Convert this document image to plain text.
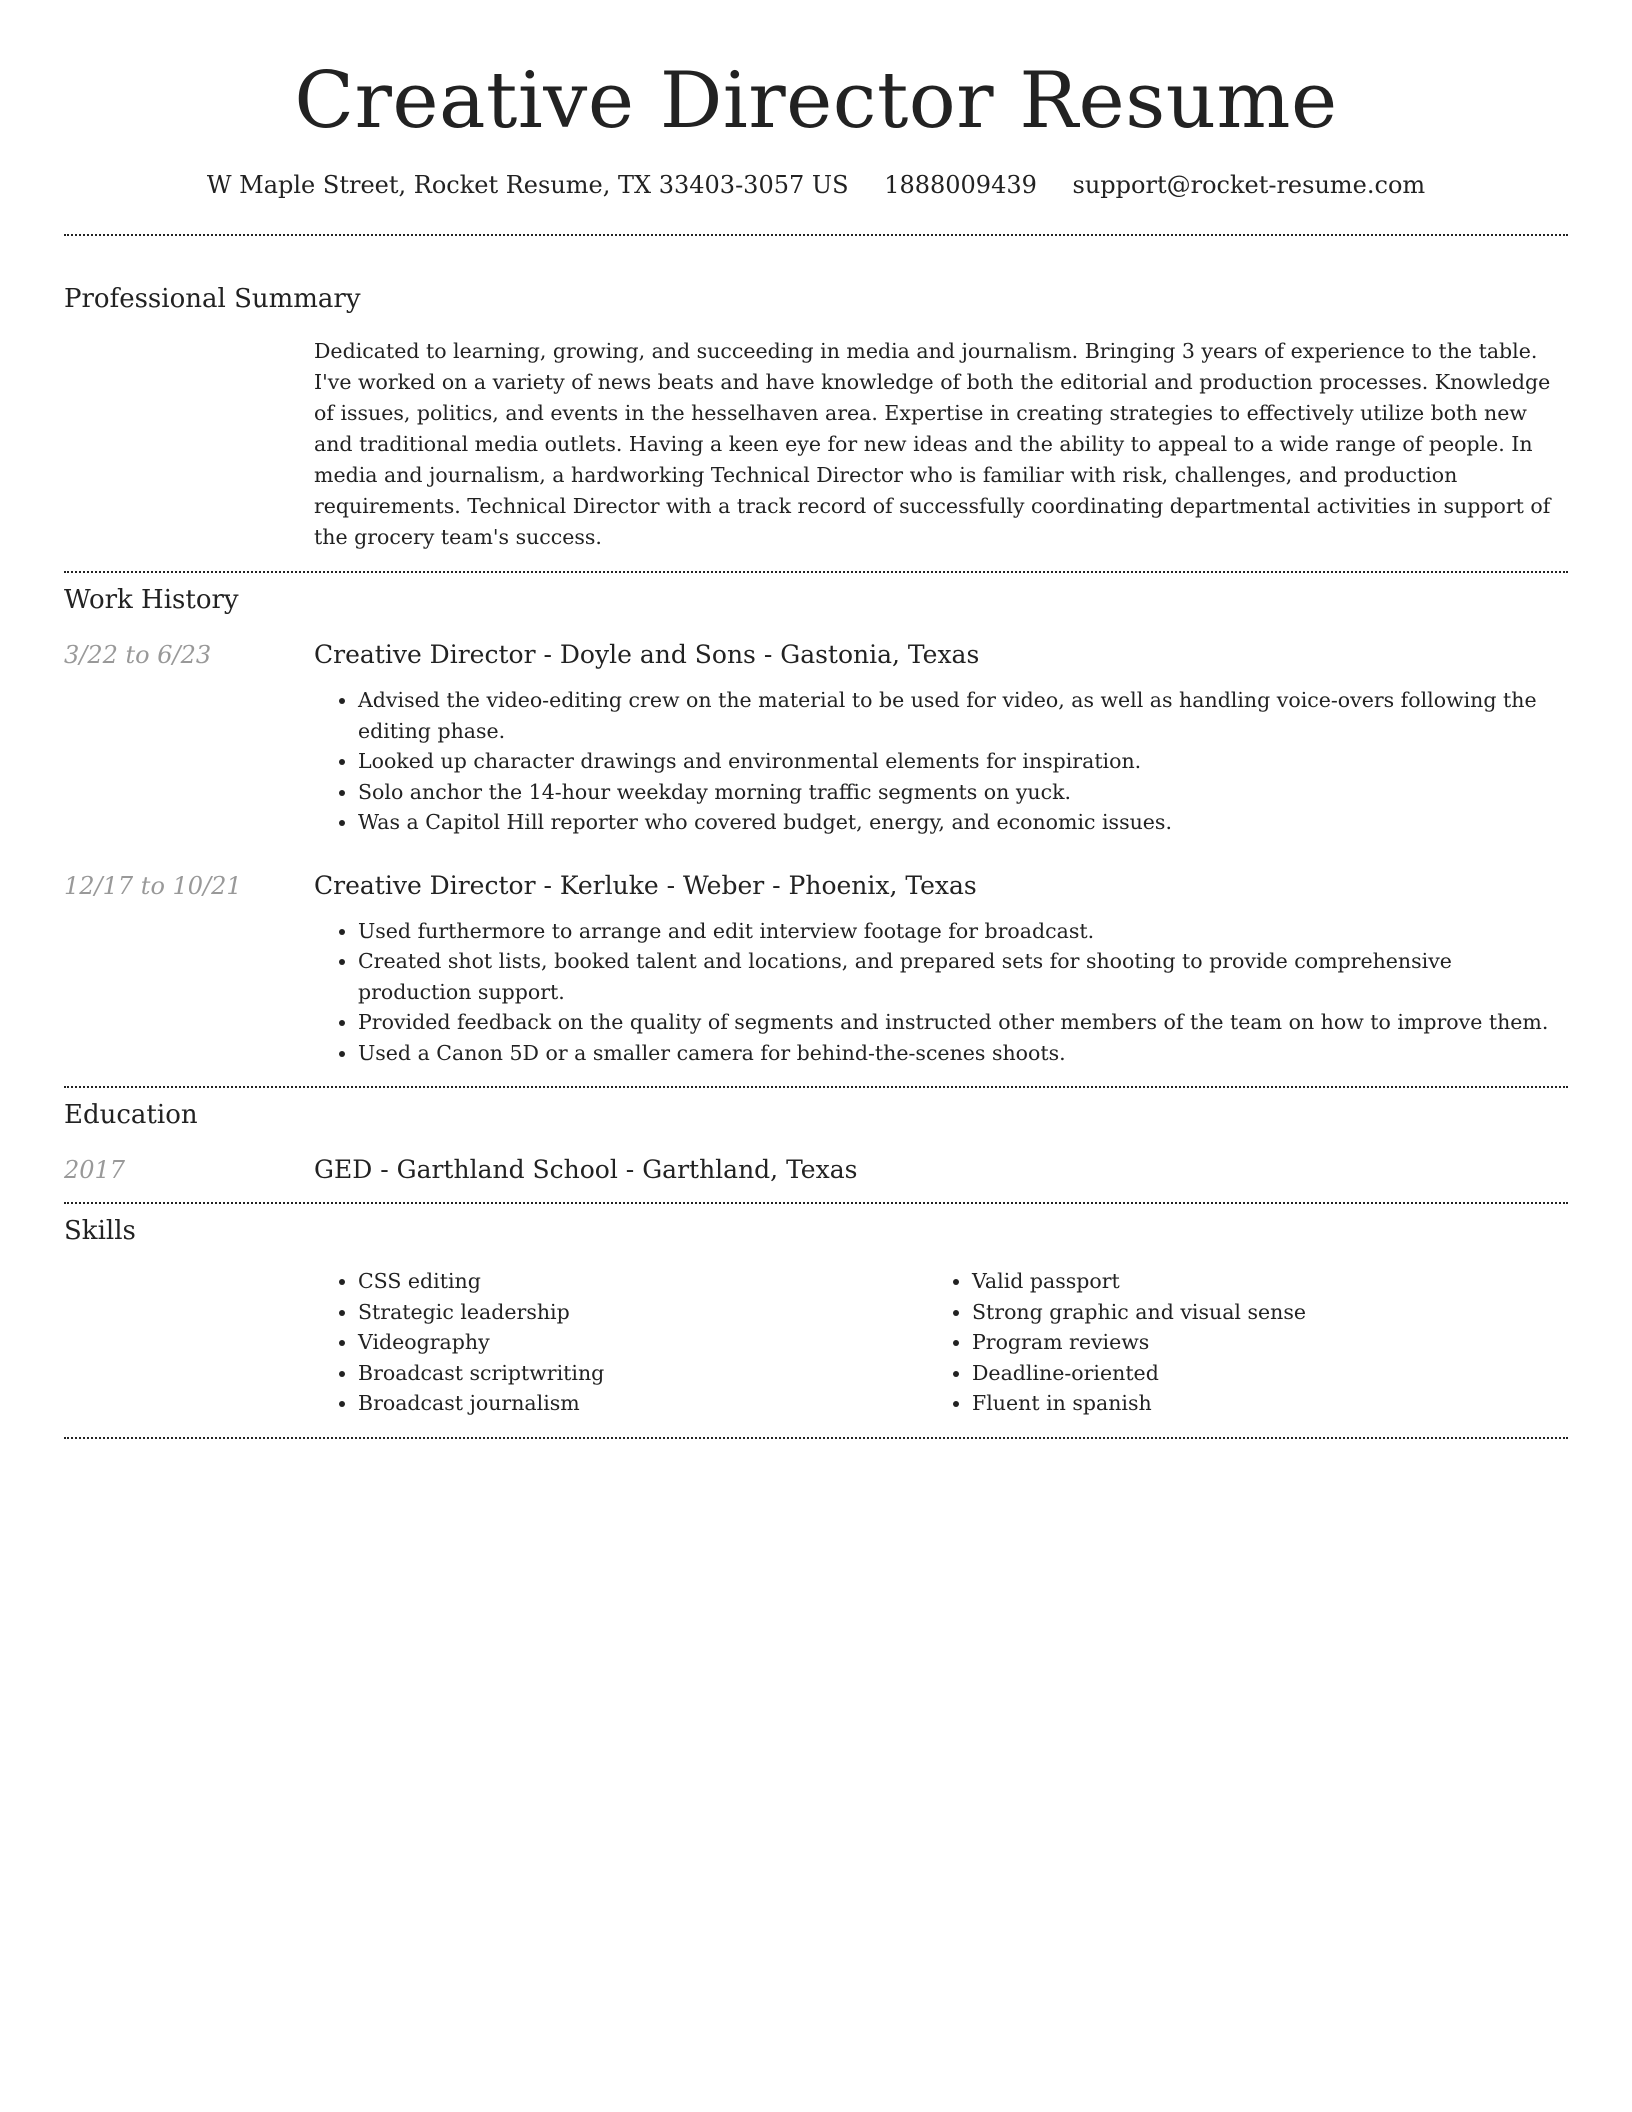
Creative Director Resume
W Maple Street, Rocket Resume, TX 33403-3057 US 1888009439 support@rocket-resume.com
Professional Summary

Dedicated to learning, growing, and succeeding in media and journalism. Bringing 3 years of experience to the table. I've worked on a variety of news beats and have knowledge of both the editorial and production processes. Knowledge of issues, politics, and events in the hesselhaven area. Expertise in creating strategies to effectively utilize both new and traditional media outlets. Having a keen eye for new ideas and the ability to appeal to a wide range of people. In media and journalism, a hardworking Technical Director who is familiar with risk, challenges, and production requirements. Technical Director with a track record of successfully coordinating departmental activities in support of the grocery team's success.

Work History
3/22 to 6/23	Creative Director - Doyle and Sons - Gastonia, Texas
• Advised the video-editing crew on the material to be used for video, as well as handling voice-overs following the editing phase.
• Looked up character drawings and environmental elements for inspiration.
• Solo anchor the 14-hour weekday morning traffic segments on yuck.
• Was a Capitol Hill reporter who covered budget, energy, and economic issues.
12/17 to 10/21	Creative Director - Kerluke - Weber - Phoenix, Texas
• Used furthermore to arrange and edit interview footage for broadcast.
• Created shot lists, booked talent and locations, and prepared sets for shooting to provide comprehensive production support.
• Provided feedback on the quality of segments and instructed other members of the team on how to improve them.
• Used a Canon 5D or a smaller camera for behind-the-scenes shoots.
Education
2017	GED - Garthland School - Garthland, Texas
Skills
• CSS editing
• Strategic leadership
• Videography
• Broadcast scriptwriting
• Broadcast journalism
• Valid passport
• Strong graphic and visual sense
• Program reviews
• Deadline-oriented
• Fluent in spanish
